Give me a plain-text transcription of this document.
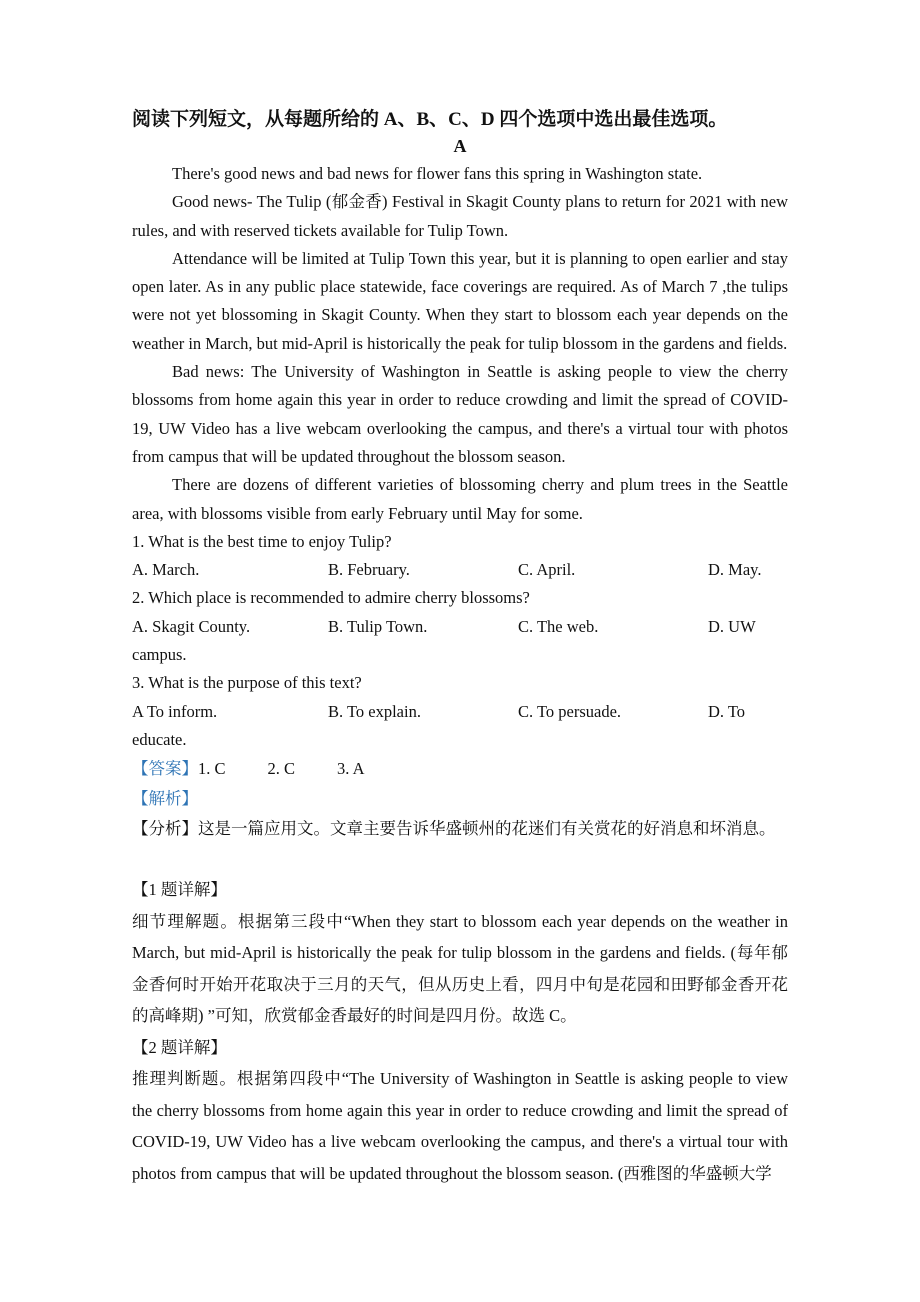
阅读下列短文，从每题所给的 A、B、C、D 四个选项中选出最佳选项。

A

There's good news and bad news for flower fans this spring in Washington state.

Good news- The Tulip (郁金香) Festival in Skagit County plans to return for 2021 with new rules, and with reserved tickets available for Tulip Town.

Attendance will be limited at Tulip Town this year, but it is planning to open earlier and stay open later. As in any public place statewide, face coverings are required. As of March 7 ,the tulips were not yet blossoming in Skagit County. When they start to blossom each year depends on the weather in March, but mid-April is historically the peak for tulip blossom in the gardens and fields.

Bad news: The University of Washington in Seattle is asking people to view the cherry blossoms from home again this year in order to reduce crowding and limit the spread of COVID-19, UW Video has a live webcam overlooking the campus, and there's a virtual tour with photos from campus that will be updated throughout the blossom season.

There are dozens of different varieties of blossoming cherry and plum trees in the Seattle area, with blossoms visible from early February until May for some.

1. What is the best time to enjoy Tulip?

A. March.	B. February.	C. April.	D. May.

2. Which place is recommended to admire cherry blossoms?

A. Skagit County.	B. Tulip Town.	C. The web.	D. UW

campus.

3. What is the purpose of this text?

A To inform.	B. To explain.	C. To persuade.	D. To

educate.

【答案】1. C	2. C	3. A

【解析】

【分析】这是一篇应用文。文章主要告诉华盛顿州的花迷们有关赏花的好消息和坏消息。

【1 题详解】

细节理解题。根据第三段中“When they start to blossom each year depends on the weather in March, but mid-April is historically the peak for tulip blossom in the gardens and fields. (每年郁金香何时开始开花取决于三月的天气，但从历史上看，四月中旬是花园和田野郁金香开花的高峰期) ”可知，欣赏郁金香最好的时间是四月份。故选 C。

【2 题详解】

推理判断题。根据第四段中“The University of Washington in Seattle is asking people to view the cherry blossoms from home again this year in order to reduce crowding and limit the spread of COVID-19, UW Video has a live webcam overlooking the campus, and there's a virtual tour with photos from campus that will be updated throughout the blossom season. (西雅图的华盛顿大学
